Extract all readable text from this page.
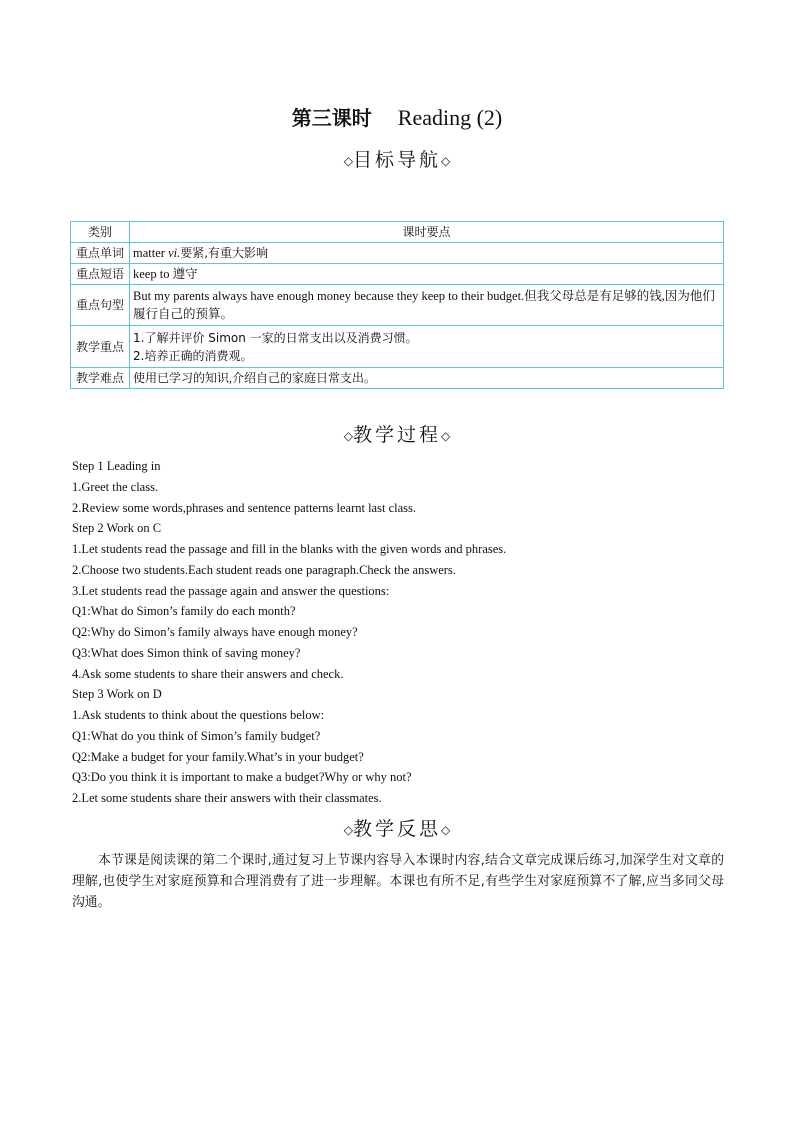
第三课时 Reading (2)
◇目标导航◇
类别	课时要点
重点单词	matter vi.要紧,有重大影响
重点短语	keep to 遵守
重点句型	But my parents always have enough money because they keep to their budget.但我父母总是有足够的钱,因为他们履行自己的预算。
教学重点	1.了解并评价 Simon 一家的日常支出以及消费习惯。
2.培养正确的消费观。

教学难点	使用已学习的知识,介绍自己的家庭日常支出。
◇教学过程◇
Step 1 Leading in
1.Greet the class.
2.Review some words,phrases and sentence patterns learnt last class.
Step 2 Work on C
1.Let students read the passage and fill in the blanks with the given words and phrases.
2.Choose two students.Each student reads one paragraph.Check the answers.
3.Let students read the passage again and answer the questions:
Q1:What do Simon’s family do each month?
Q2:Why do Simon’s family always have enough money?
Q3:What does Simon think of saving money?
4.Ask some students to share their answers and check.
Step 3 Work on D
1.Ask students to think about the questions below:
Q1:What do you think of Simon’s family budget?
Q2:Make a budget for your family.What’s in your budget?
Q3:Do you think it is important to make a budget?Why or why not?
2.Let some students share their answers with their classmates.
◇教学反思◇
本节课是阅读课的第二个课时,通过复习上节课内容导入本课时内容,结合文章完成课后练习,加深学生对文章的理解,也使学生对家庭预算和合理消费有了进一步理解。本课也有所不足,有些学生对家庭预算不了解,应当多同父母沟通。
